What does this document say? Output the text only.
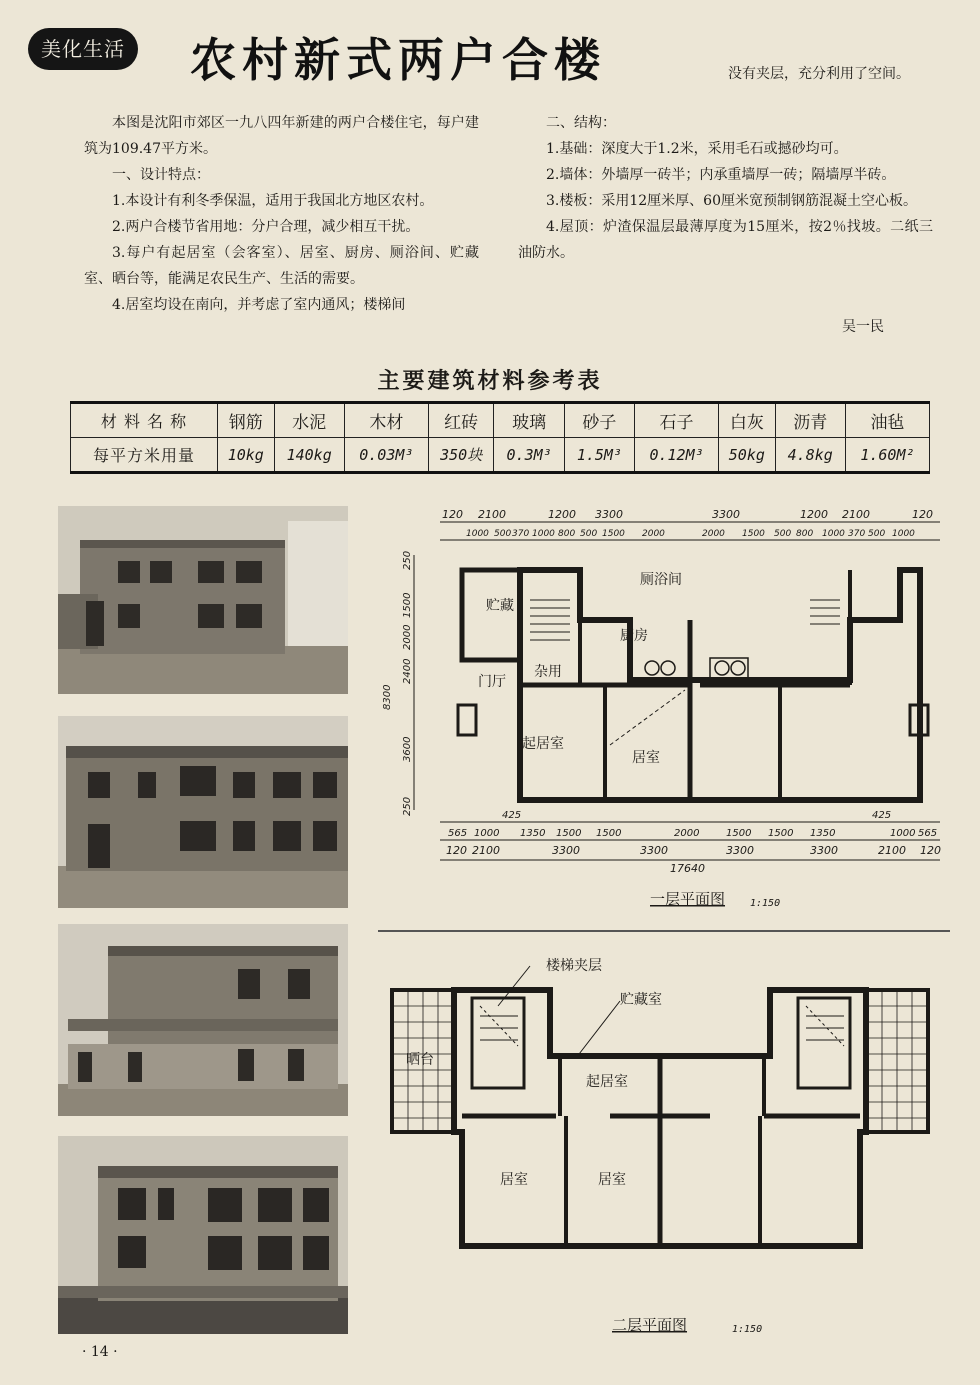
美化生活 农村新式两户合楼	没有夹层，充分利用了空间。

本图是沈阳市郊区一九八四年新建的两户合楼住宅，每户建筑为109.47平方米。

一、设计特点：

1.本设计有利冬季保温，适用于我国北方地区农村。

2.两户合楼节省用地：分户合理，减少相互干扰。

3.每户有起居室（会客室）、居室、厨房、厕浴间、贮藏室、晒台等，能满足农民生产、生活的需要。

4.居室均设在南向，并考虑了室内通风；楼梯间

二、结构：

1.基础：深度大于1.2米，采用毛石或撼砂均可。

2.墙体：外墙厚一砖半；内承重墙厚一砖；隔墙厚半砖。

3.楼板：采用12厘米厚、60厘米宽预制钢筋混凝土空心板。

4.屋顶：炉渣保温层最薄厚度为15厘米，按2％找坡。二纸三油防水。

吴一民
主要建筑材料参考表
材 料 名 称	钢筋	水泥	木材	红砖	玻璃	砂子	石子	白灰	沥青	油毡
每平方米用量	10kg	140kg	0.03M³	350块	0.3M³	1.5M³	0.12M³	50kg	4.8kg	1.60M²
120 2100	1200 3300	3300	1200 2100	120
1000 500 370 1000 800 500 1500 2000	2000 1500 500 800 1000 370 500 1000
565 1000
425
1350 1500 1500	2000	1500 1500 1350
425
1000 565
120 2100	3300	3300	3300	3300	2100 120
17640
250
1500
2000
2400
3600
250
8300
贮藏
厕浴间
厨房
杂用
门厅
起居室
居室
一层平面图 1:150
楼梯夹层
贮藏室
晒台
起居室
居室	居室
二层平面图	1:150
· 14 ·
